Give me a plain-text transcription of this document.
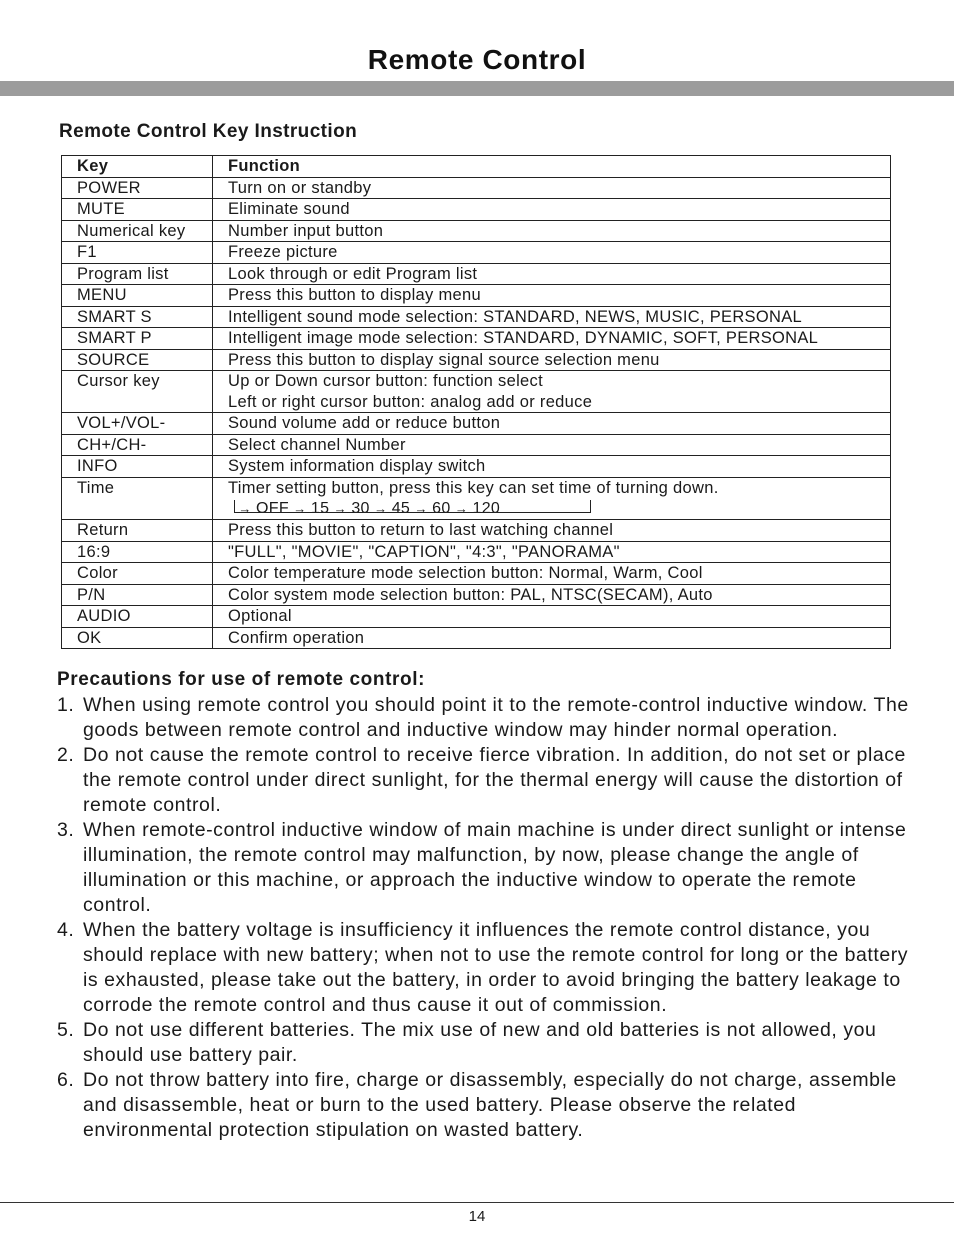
Remote Control
Remote Control Key Instruction
Key	Function
POWER	Turn on or standby

MUTE	Eliminate sound

Numerical key	Number input button

F1	Freeze picture

Program list	Look through or edit Program list

MENU	Press this button to display menu

SMART S	Intelligent sound mode selection: STANDARD, NEWS, MUSIC, PERSONAL

SMART P	Intelligent image mode selection: STANDARD, DYNAMIC, SOFT, PERSONAL

SOURCE	Press this button to display signal source selection menu

Cursor key	Up or Down cursor button: function select
Left or right cursor button: analog add or reduce

VOL+/VOL-	Sound volume add or reduce button

CH+/CH-	Select channel Number

INFO	System information display switch

Time	Timer setting button, press this key can set time of turning down.
→ OFF → 15 → 30 → 45 → 60 → 120

Return	Press this button to return to last watching channel

16:9	"FULL", "MOVIE", "CAPTION", "4:3", "PANORAMA"

Color	Color temperature mode selection button: Normal, Warm, Cool

P/N	Color system mode selection button: PAL, NTSC(SECAM), Auto

AUDIO	Optional

OK	Confirm operation
Precautions for use of remote control:
1. When using remote control you should point it to the remote-control inductive window. The goods between remote control and inductive window may hinder normal operation.
2. Do not cause the remote control to receive fierce vibration. In addition, do not set or place the remote control under direct sunlight, for the thermal energy will cause the distortion of remote control.
3. When remote-control inductive window of main machine is under direct sunlight or intense illumination, the remote control may malfunction, by now, please change the angle of illumination or this machine, or approach the inductive window to operate the remote control.
4. When the battery voltage is insufficiency it influences the remote control distance, you should replace with new battery; when not to use the remote control for long or the battery is exhausted, please take out the battery, in order to avoid bringing the battery leakage to corrode the remote control and thus cause it out of commission.
5. Do not use different batteries. The mix use of new and old batteries is not allowed, you should use battery pair.
6. Do not throw battery into fire, charge or disassembly, especially do not charge, assemble and disassemble, heat or burn to the used battery. Please observe the related environmental protection stipulation on wasted battery.
14
